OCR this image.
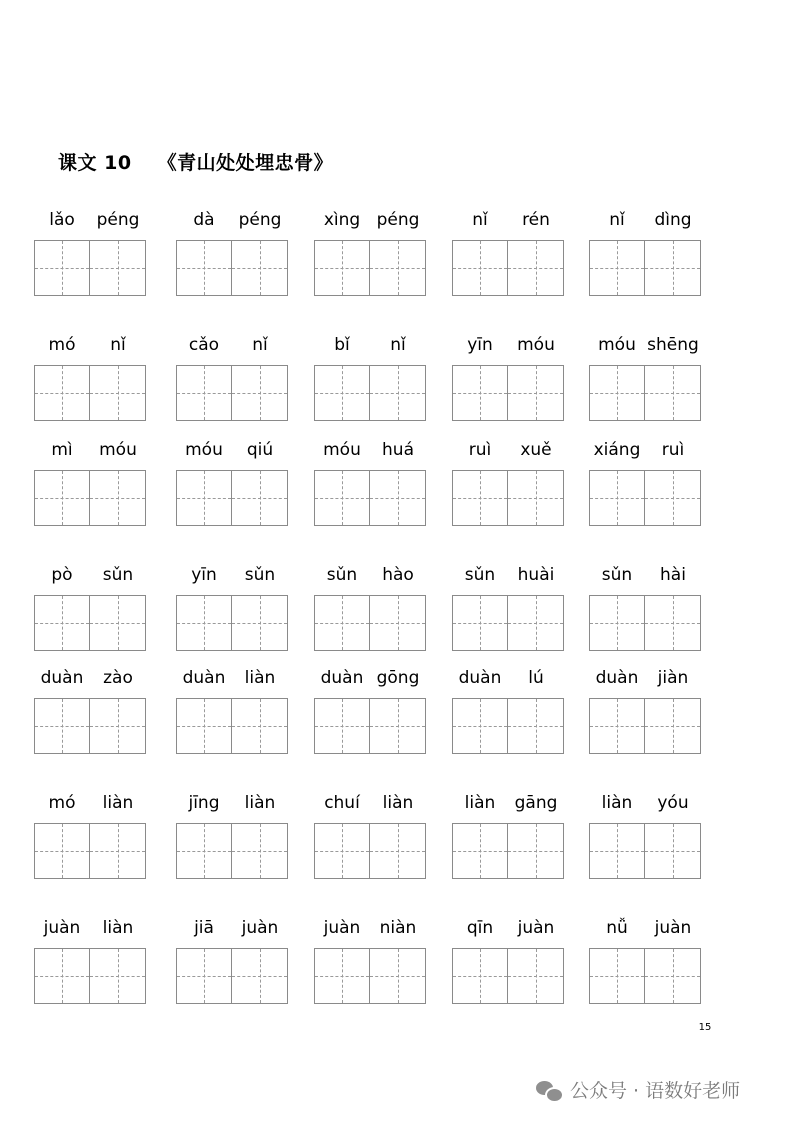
课文 10 《青山处处埋忠骨》
lǎo	péng	dà	péng	xìng péng	nǐ	rén	nǐ	dìng
mó	nǐ	cǎo	nǐ	bǐ	nǐ	yīn	móu	móu shēng
mì	móu	móu	qiú	móu	huá	ruì	xuě	xiáng	ruì
pò	sǔn	yīn	sǔn	sǔn	hào	sǔn	huài	sǔn	hài
duàn	zào	duàn	liàn	duàn gōng	duàn	lú	duàn	jiàn
mó	liàn	jīng	liàn	chuí	liàn	liàn	gāng	liàn	yóu
juàn	liàn	jiā	juàn	juàn	niàn	qīn	juàn	nǚ	juàn
15
公众号 · 语数好老师
